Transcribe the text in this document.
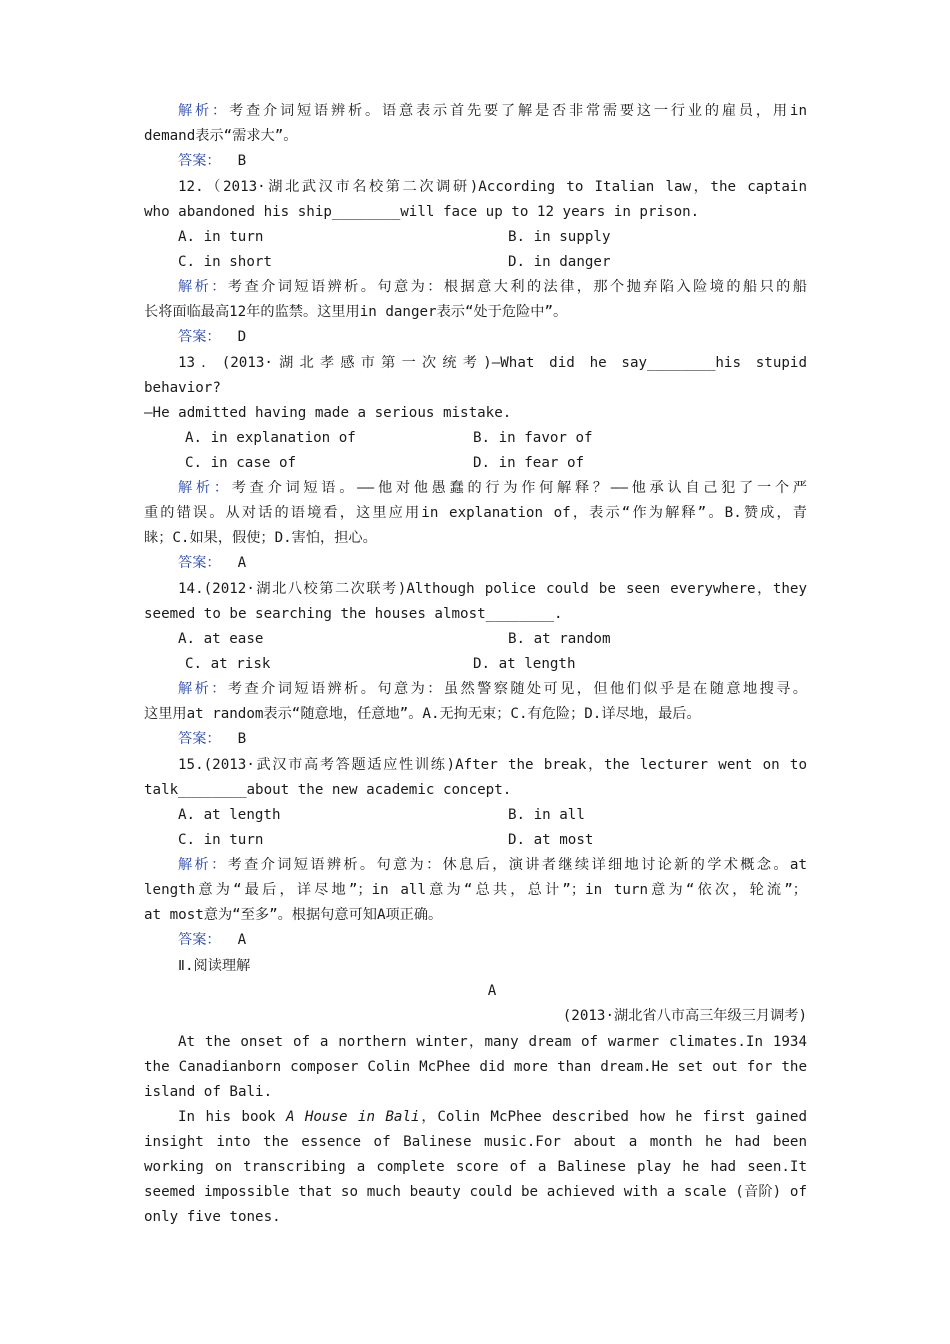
解析：考查介词短语辨析。语意表示首先要了解是否非常需要这一行业的雇员，用in
demand表示“需求大”。
答案： B
12.（2013·湖北武汉市名校第二次调研)According to Italian law，the captain
who abandoned his ship________will face up to 12 years in prison.
A. in turn	B. in supply
C. in short	D. in danger
解析：考查介词短语辨析。句意为：根据意大利的法律，那个抛弃陷入险境的船只的船
长将面临最高12年的监禁。这里用in danger表示“处于危险中”。
答案： D
13．(2013·湖北孝感市第一次统考)—What did he say________his stupid
behavior?
—He admitted having made a serious mistake.
A. in explanation of	B. in favor of
C. in case of	D. in fear of
解析：考查介词短语。——他对他愚蠢的行为作何解释？——他承认自己犯了一个严
重的错误。从对话的语境看，这里应用in explanation of，表示“作为解释”。B.赞成，青
睐；C.如果，假使；D.害怕，担心。
答案： A
14.(2012·湖北八校第二次联考)Although police could be seen everywhere，they
seemed to be searching the houses almost________.
A. at ease	B. at random
C. at risk	D. at length
解析：考查介词短语辨析。句意为：虽然警察随处可见，但他们似乎是在随意地搜寻。
这里用at random表示“随意地，任意地”。A.无拘无束；C.有危险；D.详尽地，最后。
答案： B
15.(2013·武汉市高考答题适应性训练)After the break，the lecturer went on to
talk________about the new academic concept.
A. at length	B. in all
C. in turn	D. at most
解析：考查介词短语辨析。句意为：休息后，演讲者继续详细地讨论新的学术概念。at
length意为“最后，详尽地”；in all意为“总共，总计”；in turn意为“依次，轮流”；
at most意为“至多”。根据句意可知A项正确。
答案： A
Ⅱ.阅读理解
A
(2013·湖北省八市高三年级三月调考)
At the onset of a northern winter，many dream of warmer climates.In 1934
the Canadianborn composer Colin McPhee did more than dream.He set out for the
island of Bali.
In his book A House in Bali，Colin McPhee described how he first gained
insight into the essence of Balinese music.For about a month he had been
working on transcribing a complete score of a Balinese play he had seen.It
seemed impossible that so much beauty could be achieved with a scale (音阶) of
only five tones.
